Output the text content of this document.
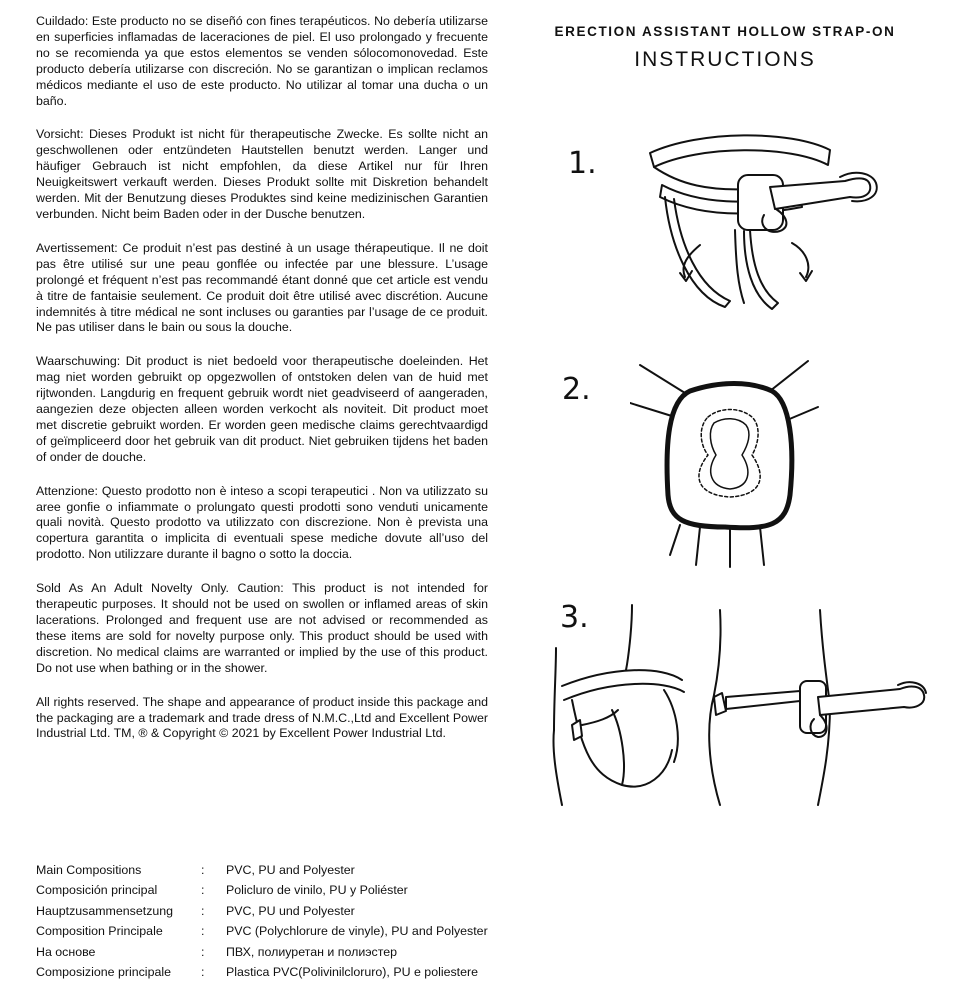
Cuildado: Este producto no se diseñó con fines terapéuticos. No debería utilizarse en superficies inflamadas de laceraciones de piel. El uso prolongado y frecuente no se recomienda ya que estos elementos se venden sólocomonovedad. Este producto debería utilizarse con discreción. No se garantizan o implican reclamos médicos mediante el uso de este producto. No utilizar al tomar una ducha o un baño.

Vorsicht: Dieses Produkt ist nicht für therapeutische Zwecke. Es sollte nicht an geschwollenen oder entzündeten Hautstellen benutzt werden. Langer und häufiger Gebrauch ist nicht empfohlen, da diese Artikel nur für Ihren Neuigkeitswert verkauft werden. Dieses Produkt sollte mit Diskretion behandelt werden. Mit der Benutzung dieses Produktes sind keine medizinischen Garantien verbunden. Nicht beim Baden oder in der Dusche benutzen.

Avertissement: Ce produit n’est pas destiné à un usage thérapeutique. Il ne doit pas être utilisé sur une peau gonflée ou infectée par une blessure. L’usage prolongé et fréquent n’est pas recommandé étant donné que cet article est vendu à titre de fantaisie seulement. Ce produit doit être utilisé avec discrétion. Aucune indemnités à titre médical ne sont incluses ou garanties par l’usage de ce produit. Ne pas utiliser dans le bain ou sous la douche.

Waarschuwing: Dit product is niet bedoeld voor therapeutische doeleinden. Het mag niet worden gebruikt op opgezwollen of ontstoken delen van de huid met rijtwonden. Langdurig en frequent gebruik wordt niet geadviseerd of aangeraden, aangezien deze objecten alleen worden verkocht als noviteit. Dit product moet met discretie gebruikt worden. Er worden geen medische claims gerechtvaardigd of geïmpliceerd door het gebruik van dit product. Niet gebruiken tijdens het baden of onder de douche.

Attenzione: Questo prodotto non è inteso a scopi terapeutici . Non va utilizzato su aree gonfie o infiammate o prolungato questi prodotti sono venduti unicamente quali novità. Questo prodotto va utilizzato con discrezione. Non è prevista una copertura garantita o implicita di eventuali spese mediche dovute all’uso del prodotto. Non utilizzare durante il bagno o sotto la doccia.

Sold As An Adult Novelty Only. Caution: This product is not intended for therapeutic purposes. It should not be used on swollen or inflamed areas of skin lacerations. Prolonged and frequent use are not advised or recommended as these items are sold for novelty purpose only. This product should be used with discretion. No medical claims are warranted or implied by the use of this product. Do not use when bathing or in the shower.

All rights reserved. The shape and appearance of product inside this package and the packaging are a trademark and trade dress of N.M.C.,Ltd and Excellent Power Industrial Ltd. TM, ® & Copyright © 2021 by Excellent Power Industrial Ltd.

Main Compositions	:	PVC, PU and Polyester
Composición principal	:	Policluro de vinilo, PU y Poliéster
Hauptzusammensetzung	:	PVC, PU und Polyester
Composition Principale	:	PVC (Polychlorure de vinyle), PU and Polyester
На основе	:	ПВХ, полиуретан и полиэстер
Composizione principale	:	Plastica PVC(Polivinilcloruro), PU e poliestere
ERECTION ASSISTANT HOLLOW STRAP-ON
INSTRUCTIONS
1.
2.
3.
